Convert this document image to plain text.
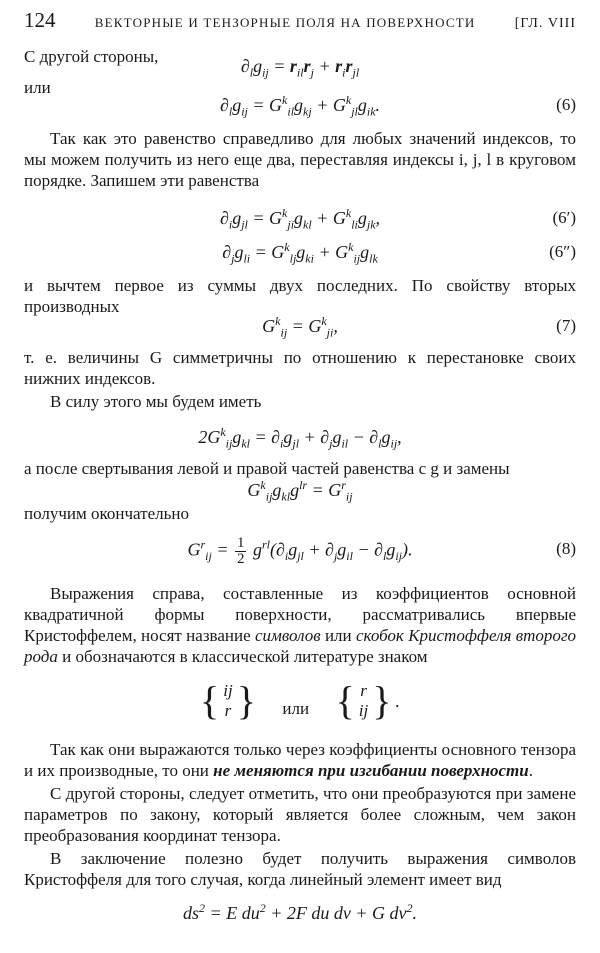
124	ВЕКТОРНЫЕ И ТЕНЗОРНЫЕ ПОЛЯ НА ПОВЕРХНОСТИ	[ГЛ. VIII

С другой стороны,	$\partial_lg_{ij} = r_{il}r_j + r_ir_{jl}$

или

$\partial_lg_{ij} = G^k_{il}g_{kj} + G^k_{jl}g_{ik}$.	(6)

Так как это равенство справедливо для любых значений индексов, то мы можем получить из него еще два, переставляя индексы i, j, l в круговом порядке. Запишем эти равенства

$\partial_ig_{jl} = G^k_{ji}g_{kl} + G^k_{li}g_{jk}$,	(6′)
$\partial_jg_{li} = G^k_{lj}g_{ki} + G^k_{ij}g_{lk}$	(6″)

и вычтем первое из суммы двух последних. По свойству вторых производных

$G^k_{ij} = G^k_{ji}$,	(7)

т. е. величины G симметричны по отношению к перестановке своих нижних индексов.

В силу этого мы будем иметь

$2G^k_{ij}g_{kl} = \partial_ig_{jl} + \partial_jg_{il} - \partial_lg_{ij}$,

а после свертывания левой и правой частей равенства с g и замены

$G^k_{ij}g_{kl}g^{lr} = G^r_{ij}$

получим окончательно

$G^r_{ij} = \frac{1}{2} g^{rl}(\partial_ig_{jl} + \partial_jg_{il} - \partial_lg_{ij})$.	(8)

Выражения справа, составленные из коэффициентов основной квадратичной формы поверхности, рассматривались впервые Кристоффелем, носят название символов или скобок Кристоффеля второго рода и обозначаются в классической литературе знаком

{ ij
r } или { r
ij } .

Так как они выражаются только через коэффициенты основного тензора и их производные, то они не меняются при изгибании поверхности.

С другой стороны, следует отметить, что они преобразуются при замене параметров по закону, который является более сложным, чем закон преобразования координат тензора.

В заключение полезно будет получить выражения символов Кристоффеля для того случая, когда линейный элемент имеет вид

$ds^2 = E$ $du^2 + 2F$ du dv + G $dv^2$.
